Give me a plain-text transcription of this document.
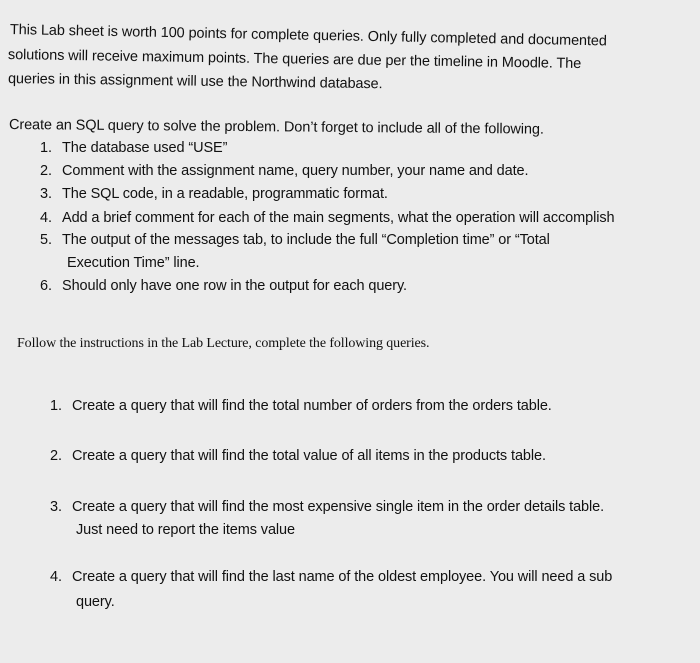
This Lab sheet is worth 100 points for complete queries. Only fully completed and documented
solutions will receive maximum points. The queries are due per the timeline in Moodle. The
queries in this assignment will use the Northwind database.
Create an SQL query to solve the problem. Don’t forget to include all of the following.
1. The database used “USE”
2. Comment with the assignment name, query number, your name and date.
3. The SQL code, in a readable, programmatic format.
4. Add a brief comment for each of the main segments, what the operation will accomplish
5. The output of the messages tab, to include the full “Completion time” or “Total
Execution Time” line.
6. Should only have one row in the output for each query.
Follow the instructions in the Lab Lecture, complete the following queries.
1. Create a query that will find the total number of orders from the orders table.
2. Create a query that will find the total value of all items in the products table.
3. Create a query that will find the most expensive single item in the order details table.
Just need to report the items value
4. Create a query that will find the last name of the oldest employee. You will need a sub
query.
